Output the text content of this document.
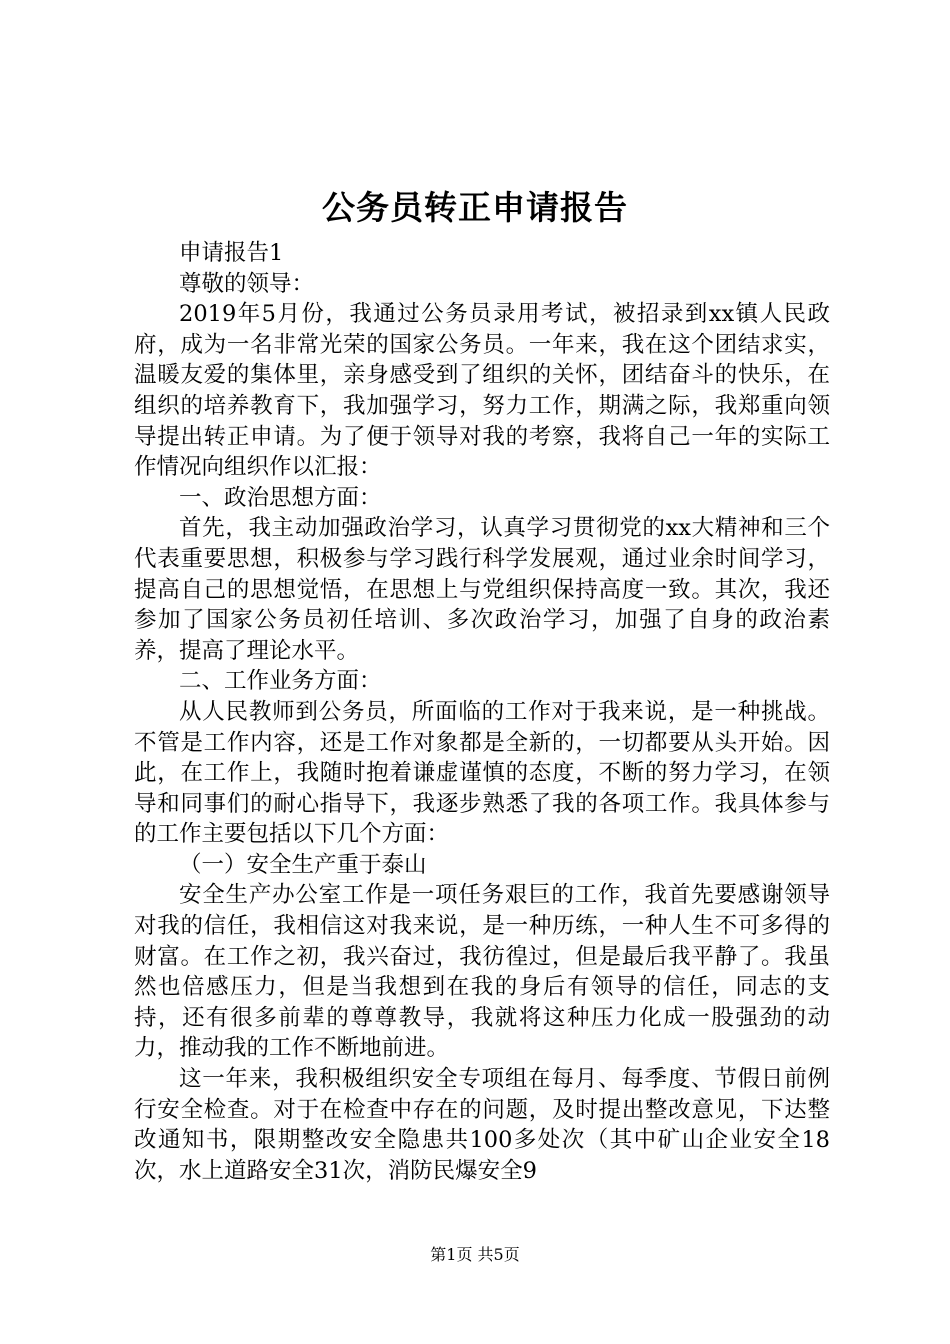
公务员转正申请报告

申请报告1

尊敬的领导：

2019年5月份，我通过公务员录用考试，被招录到xx镇人民政府，成为一名非常光荣的国家公务员。一年来，我在这个团结求实，温暖友爱的集体里，亲身感受到了组织的关怀，团结奋斗的快乐，在组织的培养教育下，我加强学习，努力工作，期满之际，我郑重向领导提出转正申请。为了便于领导对我的考察，我将自己一年的实际工作情况向组织作以汇报：

一、政治思想方面：

首先，我主动加强政治学习，认真学习贯彻党的xx大精神和三个代表重要思想，积极参与学习践行科学发展观，通过业余时间学习，提高自己的思想觉悟，在思想上与党组织保持高度一致。其次，我还参加了国家公务员初任培训、多次政治学习，加强了自身的政治素养，提高了理论水平。

二、工作业务方面：

从人民教师到公务员，所面临的工作对于我来说，是一种挑战。不管是工作内容，还是工作对象都是全新的，一切都要从头开始。因此，在工作上，我随时抱着谦虚谨慎的态度，不断的努力学习，在领导和同事们的耐心指导下，我逐步熟悉了我的各项工作。我具体参与的工作主要包括以下几个方面：

（一）安全生产重于泰山

安全生产办公室工作是一项任务艰巨的工作，我首先要感谢领导对我的信任，我相信这对我来说，是一种历练，一种人生不可多得的财富。在工作之初，我兴奋过，我彷徨过，但是最后我平静了。我虽然也倍感压力，但是当我想到在我的身后有领导的信任，同志的支持，还有很多前辈的尊尊教导，我就将这种压力化成一股强劲的动力，推动我的工作不断地前进。

这一年来，我积极组织安全专项组在每月、每季度、节假日前例行安全检查。对于在检查中存在的问题，及时提出整改意见，下达整改通知书，限期整改安全隐患共100多处次（其中矿山企业安全18次，水上道路安全31次，消防民爆安全9

第1页 共5页
